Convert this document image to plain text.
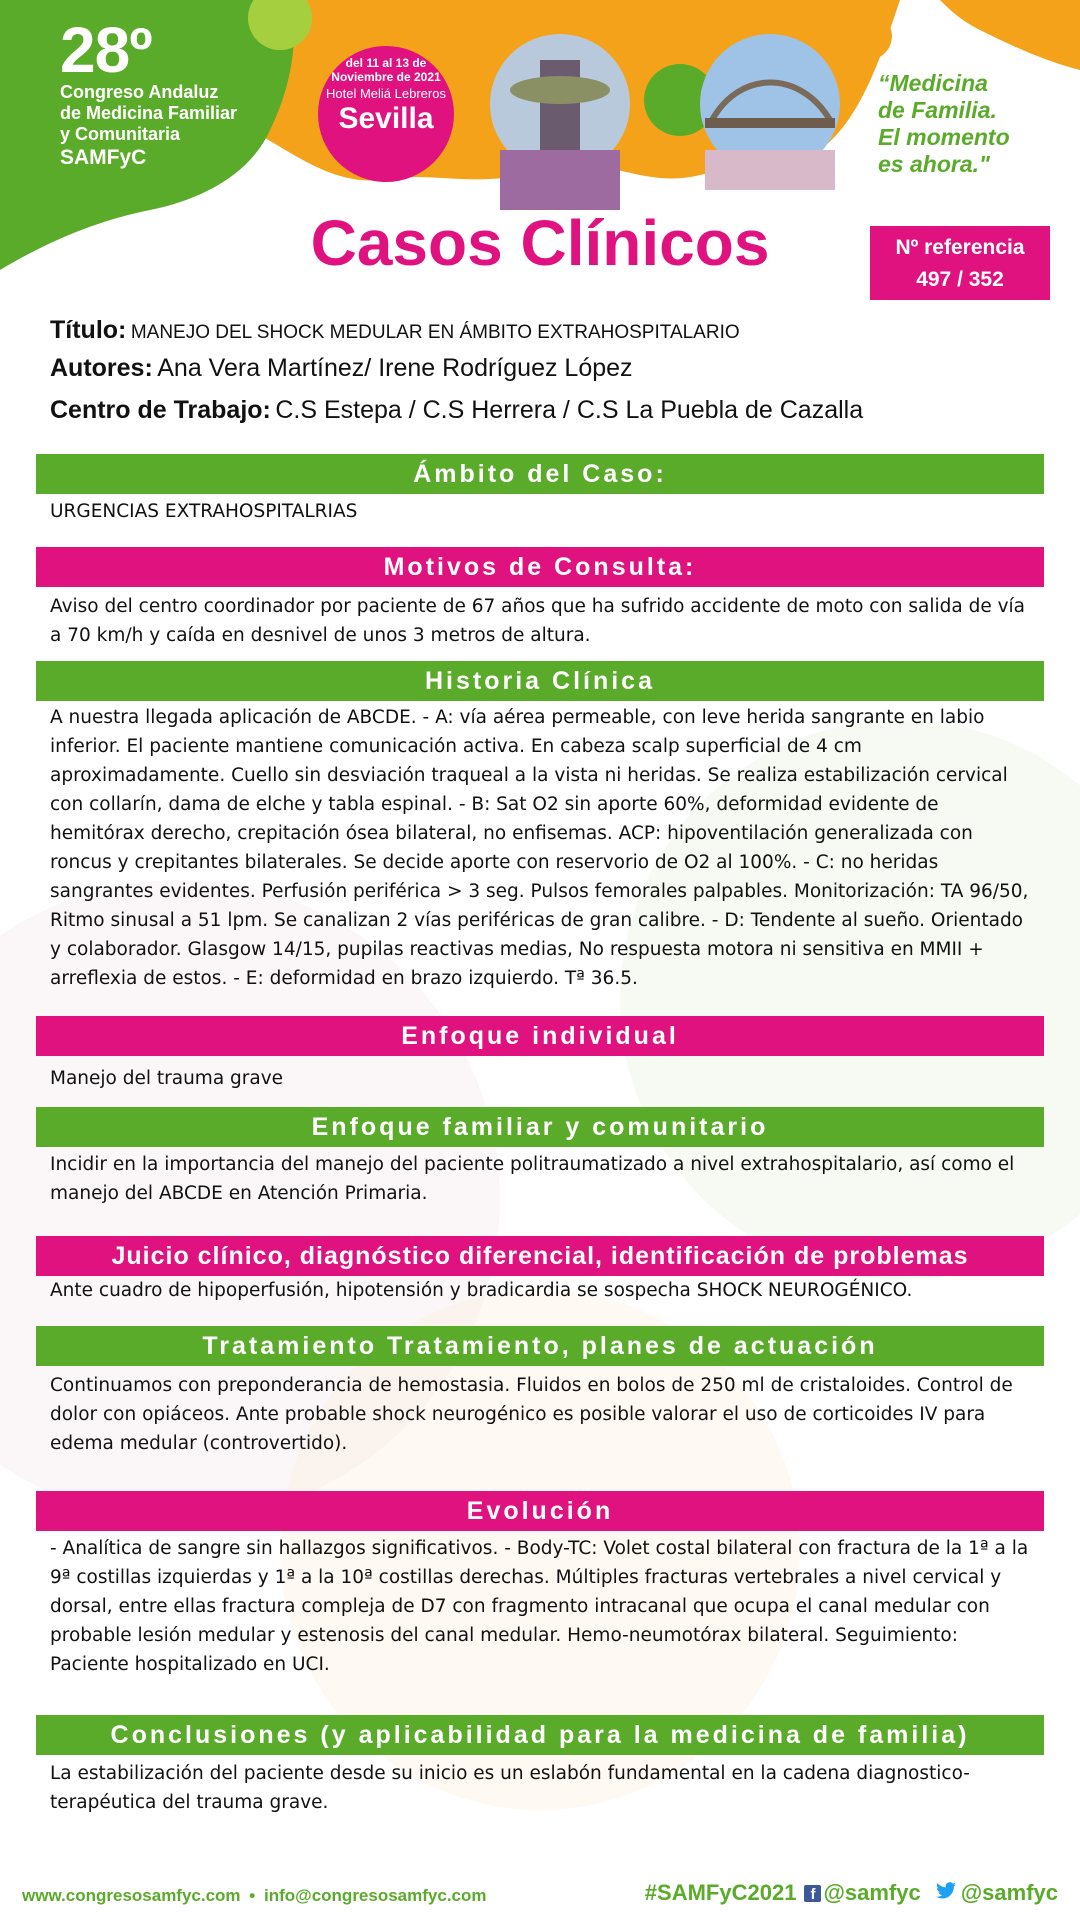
28º
Congreso Andaluz
de Medicina Familiar
y Comunitaria
SAMFyC
del 11 al 13 de
Noviembre de 2021
Hotel Meliá Lebreros
Sevilla
“Medicina
de Familia.
El momento
es ahora."
Casos Clínicos	Nº referencia
497 / 352
Título: MANEJO DEL SHOCK MEDULAR EN ÁMBITO EXTRAHOSPITALARIO
Autores: Ana Vera Martínez/ Irene Rodríguez López
Centro de Trabajo: C.S Estepa / C.S Herrera / C.S La Puebla de Cazalla
Ámbito del Caso:
URGENCIAS EXTRAHOSPITALRIAS
Motivos de Consulta:
Aviso del centro coordinador por paciente de 67 años que ha sufrido accidente de moto con salida de vía a 70 km/h y caída en desnivel de unos 3 metros de altura.
Historia Clínica
A nuestra llegada aplicación de ABCDE. - A: vía aérea permeable, con leve herida sangrante en labio inferior. El paciente mantiene comunicación activa. En cabeza scalp superficial de 4 cm aproximadamente. Cuello sin desviación traqueal a la vista ni heridas. Se realiza estabilización cervical con collarín, dama de elche y tabla espinal. - B: Sat O2 sin aporte 60%, deformidad evidente de hemitórax derecho, crepitación ósea bilateral, no enfisemas. ACP: hipoventilación generalizada con roncus y crepitantes bilaterales. Se decide aporte con reservorio de O2 al 100%. - C: no heridas sangrantes evidentes. Perfusión periférica > 3 seg. Pulsos femorales palpables. Monitorización: TA 96/50, Ritmo sinusal a 51 lpm. Se canalizan 2 vías periféricas de gran calibre. - D: Tendente al sueño. Orientado y colaborador. Glasgow 14/15, pupilas reactivas medias, No respuesta motora ni sensitiva en MMII + arreflexia de estos. - E: deformidad en brazo izquierdo. Tª 36.5.
Enfoque individual
Manejo del trauma grave
Enfoque familiar y comunitario
Incidir en la importancia del manejo del paciente politraumatizado a nivel extrahospitalario, así como el manejo del ABCDE en Atención Primaria.
Juicio clínico, diagnóstico diferencial, identificación de problemas
Ante cuadro de hipoperfusión, hipotensión y bradicardia se sospecha SHOCK NEUROGÉNICO.
Tratamiento Tratamiento, planes de actuación
Continuamos con preponderancia de hemostasia. Fluidos en bolos de 250 ml de cristaloides. Control de dolor con opiáceos. Ante probable shock neurogénico es posible valorar el uso de corticoides IV para edema medular (controvertido).
Evolución
- Analítica de sangre sin hallazgos significativos. - Body-TC: Volet costal bilateral con fractura de la 1ª a la 9ª costillas izquierdas y 1ª a la 10ª costillas derechas. Múltiples fracturas vertebrales a nivel cervical y dorsal, entre ellas fractura compleja de D7 con fragmento intracanal que ocupa el canal medular con probable lesión medular y estenosis del canal medular. Hemo-neumotórax bilateral. Seguimiento: Paciente hospitalizado en UCI.
Conclusiones (y aplicabilidad para la medicina de familia)
La estabilización del paciente desde su inicio es un eslabón fundamental en la cadena diagnostico-terapéutica del trauma grave.
www.congresosamfyc.com • info@congresosamfyc.com	#SAMFyC2021 f @samfyc @samfyc
